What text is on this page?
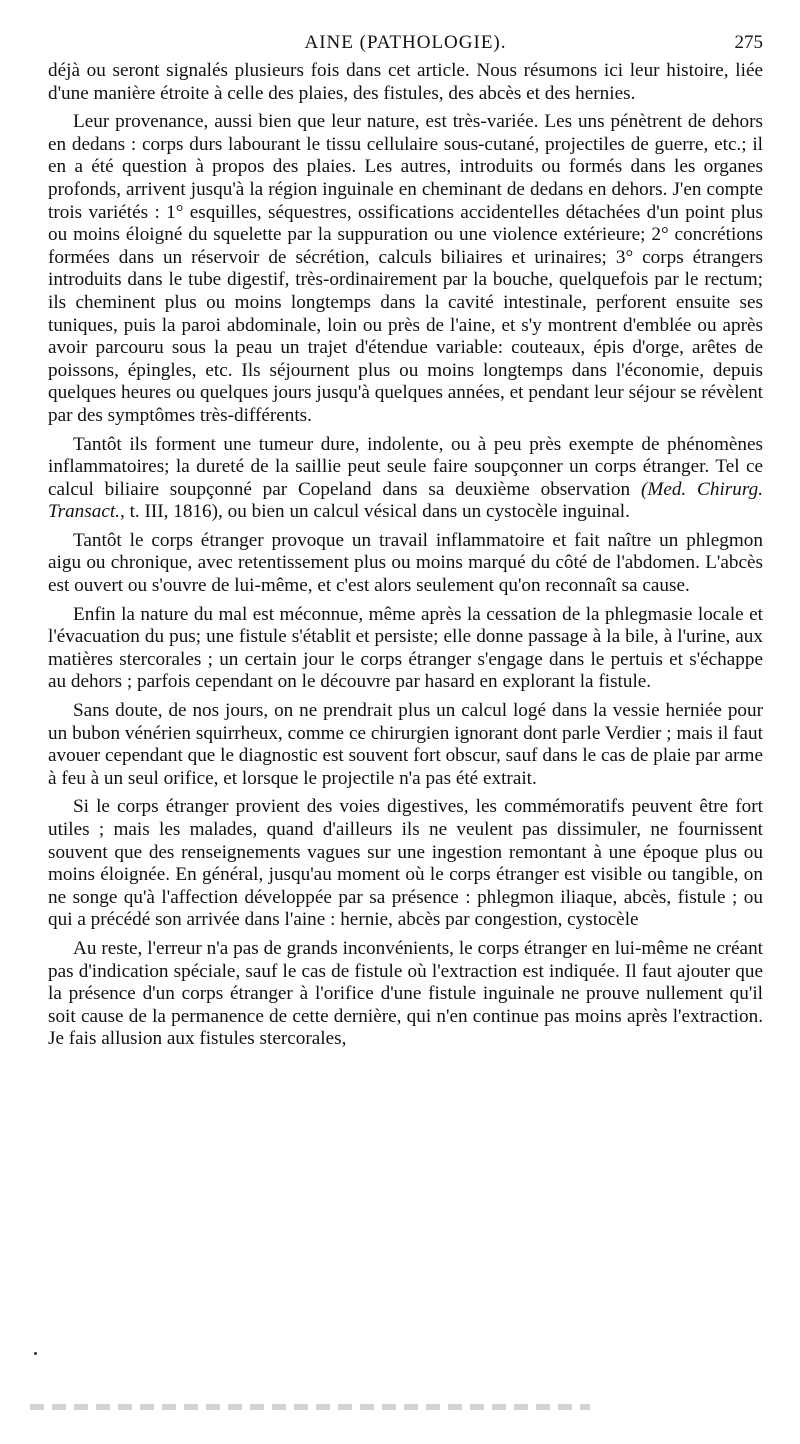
AINE (PATHOLOGIE).	275

déjà ou seront signalés plusieurs fois dans cet article. Nous résumons ici leur histoire, liée d'une manière étroite à celle des plaies, des fistules, des abcès et des hernies.

Leur provenance, aussi bien que leur nature, est très-variée. Les uns pénètrent de dehors en dedans : corps durs labourant le tissu cellulaire sous-cutané, projectiles de guerre, etc.; il en a été question à propos des plaies. Les autres, introduits ou formés dans les organes profonds, arrivent jusqu'à la région inguinale en cheminant de dedans en dehors. J'en compte trois variétés : 1° esquilles, séquestres, ossifications accidentelles détachées d'un point plus ou moins éloigné du squelette par la suppuration ou une violence extérieure; 2° concrétions formées dans un réservoir de sécrétion, calculs biliaires et urinaires; 3° corps étrangers introduits dans le tube digestif, très-ordinairement par la bouche, quelquefois par le rectum; ils cheminent plus ou moins longtemps dans la cavité intestinale, perforent ensuite ses tuniques, puis la paroi abdominale, loin ou près de l'aine, et s'y montrent d'emblée ou après avoir parcouru sous la peau un trajet d'étendue variable: couteaux, épis d'orge, arêtes de poissons, épingles, etc. Ils séjournent plus ou moins longtemps dans l'économie, depuis quelques heures ou quelques jours jusqu'à quelques années, et pendant leur séjour se révèlent par des symptômes très-différents.

Tantôt ils forment une tumeur dure, indolente, ou à peu près exempte de phénomènes inflammatoires; la dureté de la saillie peut seule faire soupçonner un corps étranger. Tel ce calcul biliaire soupçonné par Copeland dans sa deuxième observation (Med. Chirurg. Transact., t. III, 1816), ou bien un calcul vésical dans un cystocèle inguinal.

Tantôt le corps étranger provoque un travail inflammatoire et fait naître un phlegmon aigu ou chronique, avec retentissement plus ou moins marqué du côté de l'abdomen. L'abcès est ouvert ou s'ouvre de lui-même, et c'est alors seulement qu'on reconnaît sa cause.

Enfin la nature du mal est méconnue, même après la cessation de la phlegmasie locale et l'évacuation du pus; une fistule s'établit et persiste; elle donne passage à la bile, à l'urine, aux matières stercorales ; un certain jour le corps étranger s'engage dans le pertuis et s'échappe au dehors ; parfois cependant on le découvre par hasard en explorant la fistule.

Sans doute, de nos jours, on ne prendrait plus un calcul logé dans la vessie herniée pour un bubon vénérien squirrheux, comme ce chirurgien ignorant dont parle Verdier ; mais il faut avouer cependant que le diagnostic est souvent fort obscur, sauf dans le cas de plaie par arme à feu à un seul orifice, et lorsque le projectile n'a pas été extrait.

Si le corps étranger provient des voies digestives, les commémoratifs peuvent être fort utiles ; mais les malades, quand d'ailleurs ils ne veulent pas dissimuler, ne fournissent souvent que des renseignements vagues sur une ingestion remontant à une époque plus ou moins éloignée. En général, jusqu'au moment où le corps étranger est visible ou tangible, on ne songe qu'à l'affection développée par sa présence : phlegmon iliaque, abcès, fistule ; ou qui a précédé son arrivée dans l'aine : hernie, abcès par congestion, cystocèle

Au reste, l'erreur n'a pas de grands inconvénients, le corps étranger en lui-même ne créant pas d'indication spéciale, sauf le cas de fistule où l'extraction est indiquée. Il faut ajouter que la présence d'un corps étranger à l'orifice d'une fistule inguinale ne prouve nullement qu'il soit cause de la permanence de cette dernière, qui n'en continue pas moins après l'extraction. Je fais allusion aux fistules stercorales,
